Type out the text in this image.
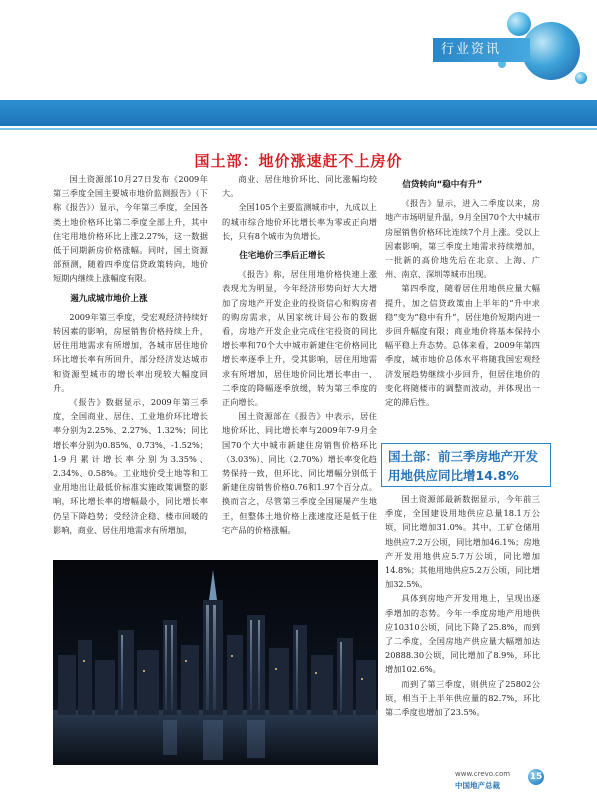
行业资讯
国土部：地价涨速赶不上房价

国土资源部10月27日发布《2009年第三季度全国主要城市地价监测报告》（下称《报告》）显示，今年第三季度，全国各类土地价格环比第二季度全部上升，其中住宅用地价格环比上涨2.27%，这一数据低于同期新房价格涨幅。同时，国土资源部预测，随着四季度信贷政策转向，地价短期内继续上涨幅度有限。

遏九成城市地价上涨

2009年第三季度，受宏观经济持续好转因素的影响，房屋销售价格持续上升，居住用地需求有所增加，各城市居住地价环比增长率有所回升，部分经济发达城市和资源型城市的增长率出现较大幅度回升。

《报告》数据显示，2009年第三季度，全国商业、居住、工业地价环比增长率分别为2.25%、2.27%、1.32%；同比增长率分别为0.85%、0.73%、-1.52%；1-9月累计增长率分别为3.35%、2.34%、0.58%。工业地价受土地等和工业用地出让最低价标准实施政策调整的影响，环比增长率的增幅最小，同比增长率仍呈下降趋势；受经济企稳、楼市回暖的影响，商业、居住用地需求有所增加，

商业、居住地价环比、同比涨幅均较大。

全国105个主要监测城市中，九成以上的城市综合地价环比增长率为零或正向增长，只有8个城市为负增长。

住宅地价三季后正增长

《报告》称，居住用地价格快速上涨表现尤为明显，今年经济形势向好大大增加了房地产开发企业的投资信心和购房者的购房需求，从国家统计局公布的数据看，房地产开发企业完成住宅投资的同比增长率和70个大中城市新建住宅价格同比增长率逐季上升，受其影响，居住用地需求有所增加，居住地价同比增长率由一、二季度的降幅逐季放缓，转为第三季度的正向增长。

国土资源部在《报告》中表示，居住地价环比、同比增长率与2009年7-9月全国70个大中城市新建住房销售价格环比（3.03%）、同比（2.70%）增长率变化趋势保持一致，但环比、同比增幅分别低于新建住房销售价格0.76和1.97个百分点。换而言之，尽管第三季度全国屡屡产生地王，但整体土地价格上涨速度还是低于住宅产品的价格涨幅。

信贷转向“稳中有升”

《报告》显示，进入二季度以来，房地产市场明显升温，9月全国70个大中城市房屋销售价格环比连续7个月上涨。受以上因素影响，第三季度土地需求持续增加，一批新的高价地先后在北京、上海、广州、南京、深圳等城市出现。

第四季度，随着居住用地供应量大幅提升，加之信贷政策由上半年的“升中求稳”变为“稳中有升”，居住地价短期内进一步回升幅度有限；商业地价将基本保持小幅平稳上升态势。总体来看，2009年第四季度，城市地价总体水平将随我国宏观经济发展趋势继续小步回升，但居住地价的变化将随楼市的调整而波动，并体现出一定的滞后性。

国土部：前三季房地产开发用地供应同比增14.8%

国土资源部最新数据显示，今年前三季度，全国建设用地供应总量18.1万公顷，同比增加31.0%。其中，工矿仓储用地供应7.2万公顷，同比增加46.1%；房地产开发用地供应5.7万公顷，同比增加14.8%；其他用地供应5.2万公顷，同比增加32.5%。

具体到房地产开发用地上，呈现出逐季增加的态势。今年一季度房地产用地供应10310公顷，同比下降了25.8%，而到了二季度，全国房地产供应量大幅增加达20888.30公顷，同比增加了8.9%，环比增加102.6%。

而到了第三季度，则供应了25802公顷，相当于上半年供应量的82.7%，环比第二季度也增加了23.5%。

www.crevo.com
中国地产总裁
15
